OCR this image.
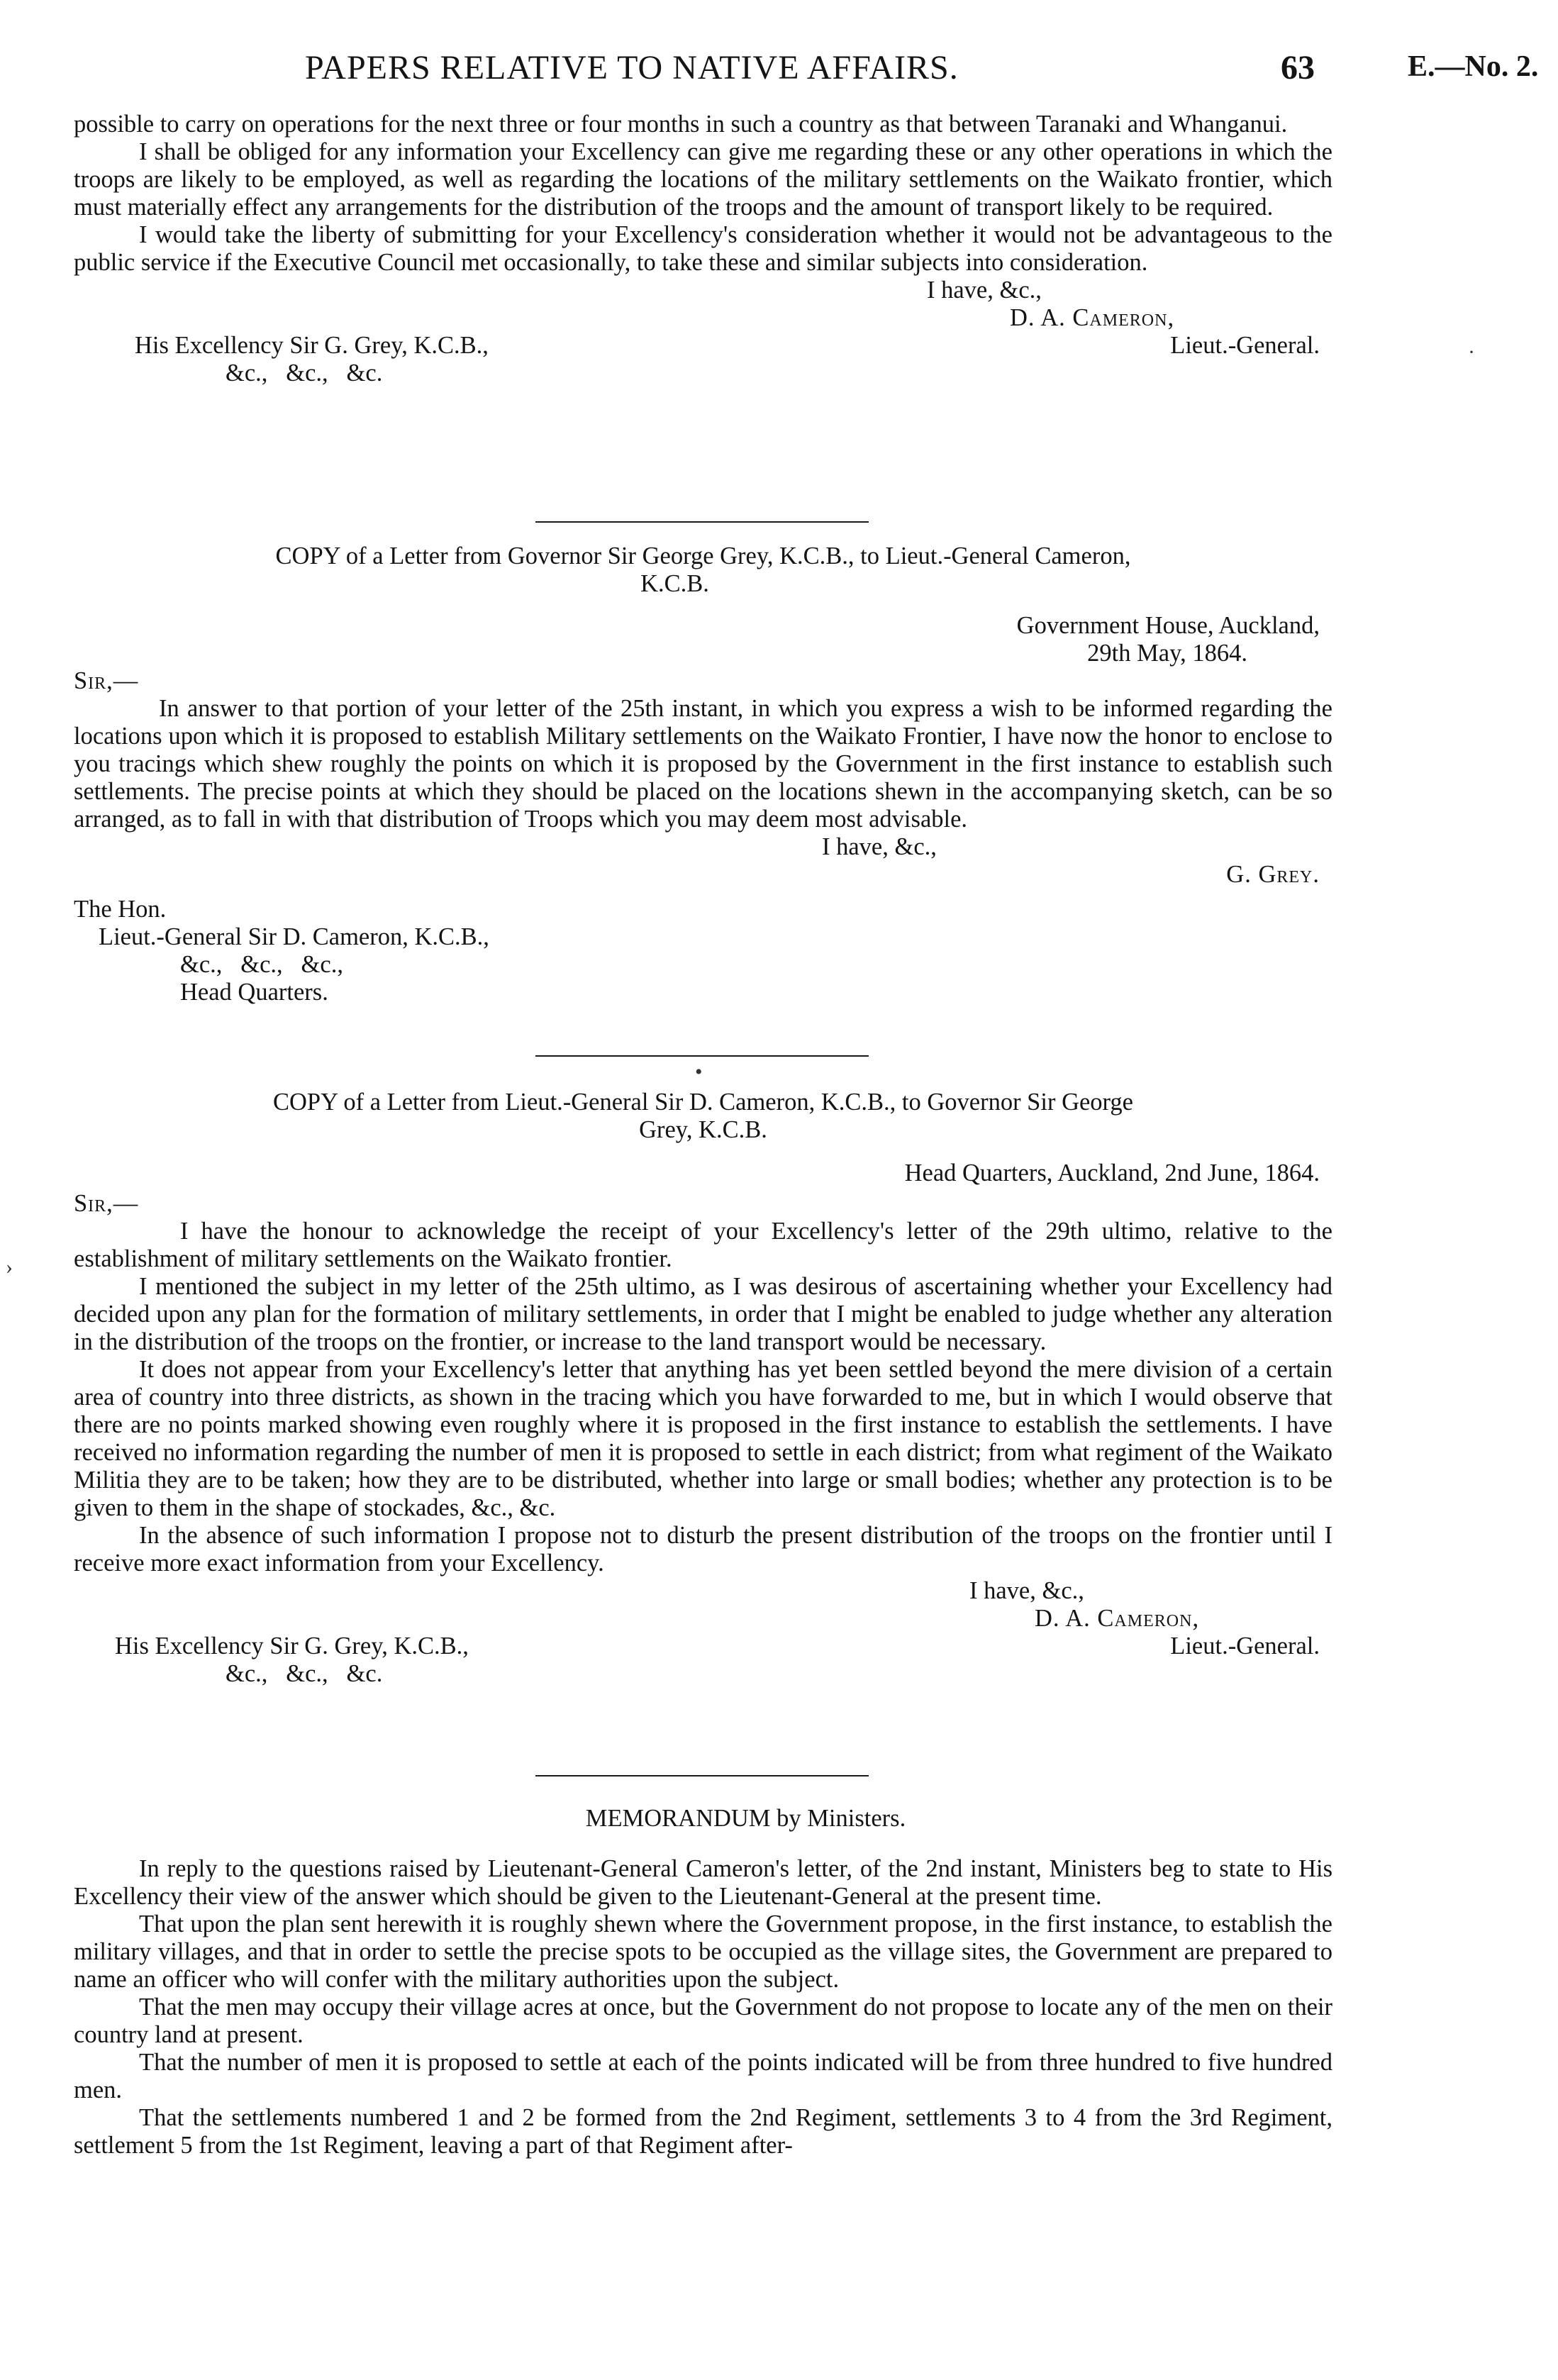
PAPERS RELATIVE TO NATIVE AFFAIRS.	63	E.—No. 2.

possible to carry on operations for the next three or four months in such a country as that between Taranaki and Whanganui.

I shall be obliged for any information your Excellency can give me regarding these or any other operations in which the troops are likely to be employed, as well as regarding the locations of the military settlements on the Waikato frontier, which must materially effect any arrangements for the distribution of the troops and the amount of transport likely to be required.

I would take the liberty of submitting for your Excellency's consideration whether it would not be advantageous to the public service if the Executive Council met occasionally, to take these and similar subjects into consideration.

I have, &c.,
D. A. Cameron,
His Excellency Sir G. Grey, K.C.B.,	Lieut.-General.
&c.,   &c.,   &c.

COPY of a Letter from Governor Sir George Grey, K.C.B., to Lieut.-General Cameron,

K.C.B.

Government House, Auckland,
29th May, 1864.

Sir,—

In answer to that portion of your letter of the 25th instant, in which you express a wish to be informed regarding the locations upon which it is proposed to establish Military settlements on the Waikato Frontier, I have now the honor to enclose to you tracings which shew roughly the points on which it is proposed by the Government in the first instance to establish such settlements. The precise points at which they should be placed on the locations shewn in the accompanying sketch, can be so arranged, as to fall in with that distribution of Troops which you may deem most advisable.

I have, &c.,
G. Grey.

The Hon.

Lieut.-General Sir D. Cameron, K.C.B.,

&c.,   &c.,   &c.,

Head Quarters.

COPY of a Letter from Lieut.-General Sir D. Cameron, K.C.B., to Governor Sir George

Grey, K.C.B.

Head Quarters, Auckland, 2nd June, 1864.

Sir,—

I have the honour to acknowledge the receipt of your Excellency's letter of the 29th ultimo, relative to the establishment of military settlements on the Waikato frontier.

I mentioned the subject in my letter of the 25th ultimo, as I was desirous of ascertaining whether your Excellency had decided upon any plan for the formation of military settlements, in order that I might be enabled to judge whether any alteration in the distribution of the troops on the frontier, or increase to the land transport would be necessary.

It does not appear from your Excellency's letter that anything has yet been settled beyond the mere division of a certain area of country into three districts, as shown in the tracing which you have forwarded to me, but in which I would observe that there are no points marked showing even roughly where it is proposed in the first instance to establish the settlements. I have received no information regarding the number of men it is proposed to settle in each district; from what regiment of the Waikato Militia they are to be taken; how they are to be distributed, whether into large or small bodies; whether any protection is to be given to them in the shape of stockades, &c., &c.

In the absence of such information I propose not to disturb the present distribution of the troops on the frontier until I receive more exact information from your Excellency.

I have, &c.,
D. A. Cameron,
His Excellency Sir G. Grey, K.C.B.,	Lieut.-General.
&c.,   &c.,   &c.

MEMORANDUM by Ministers.

In reply to the questions raised by Lieutenant-General Cameron's letter, of the 2nd instant, Ministers beg to state to His Excellency their view of the answer which should be given to the Lieutenant-General at the present time.

That upon the plan sent herewith it is roughly shewn where the Government propose, in the first instance, to establish the military villages, and that in order to settle the precise spots to be occupied as the village sites, the Government are prepared to name an officer who will confer with the military authorities upon the subject.

That the men may occupy their village acres at once, but the Government do not propose to locate any of the men on their country land at present.

That the number of men it is proposed to settle at each of the points indicated will be from three hundred to five hundred men.

That the settlements numbered 1 and 2 be formed from the 2nd Regiment, settlements 3 to 4 from the 3rd Regiment, settlement 5 from the 1st Regiment, leaving a part of that Regiment after-

·
›
•
